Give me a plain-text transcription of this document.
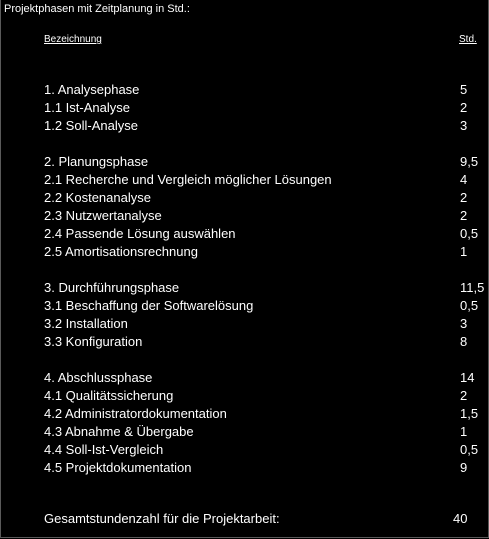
Projektphasen mit Zeitplanung in Std.:
Bezeichnung	Std.
1. Analysephase	5
1.1 Ist-Analyse	2
1.2 Soll-Analyse	3
2. Planungsphase	9,5
2.1 Recherche und Vergleich möglicher Lösungen	4
2.2 Kostenanalyse	2
2.3 Nutzwertanalyse	2
2.4 Passende Lösung auswählen	0,5
2.5 Amortisationsrechnung	1
3. Durchführungsphase	11,5
3.1 Beschaffung der Softwarelösung	0,5
3.2 Installation	3
3.3 Konfiguration	8
4. Abschlussphase	14
4.1 Qualitätssicherung	2
4.2 Administratordokumentation	1,5
4.3 Abnahme & Übergabe	1
4.4 Soll-Ist-Vergleich	0,5
4.5 Projektdokumentation	9
Gesamtstundenzahl für die Projektarbeit:	40
